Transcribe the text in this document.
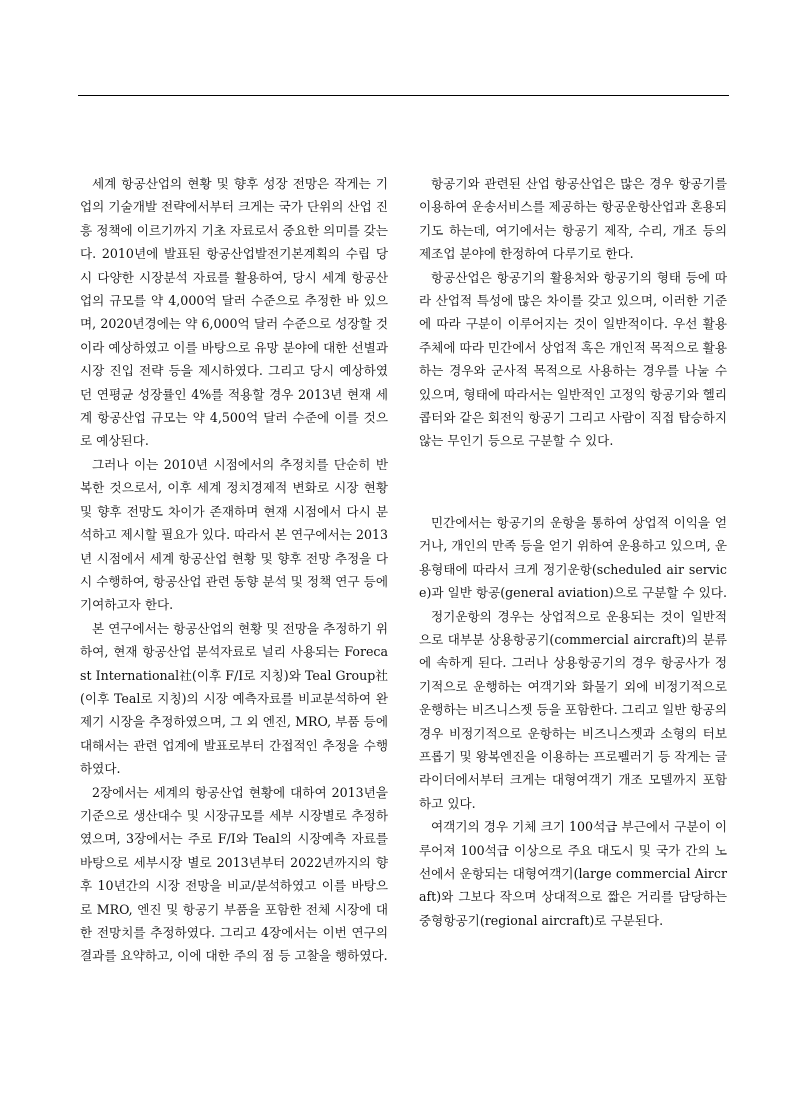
세계 항공산업의 현황 및 향후 성장 전망은 작게는 기업의 기술개발 전략에서부터 크게는 국가 단위의 산업 진흥 정책에 이르기까지 기초 자료로서 중요한 의미를 갖는다. 2010년에 발표된 항공산업발전기본계획의 수립 당시 다양한 시장분석 자료를 활용하여, 당시 세계 항공산업의 규모를 약 4,000억 달러 수준으로 추정한 바 있으며, 2020년경에는 약 6,000억 달러 수준으로 성장할 것이라 예상하였고 이를 바탕으로 유망 분야에 대한 선별과 시장 진입 전략 등을 제시하였다. 그리고 당시 예상하였던 연평균 성장률인 4%를 적용할 경우 2013년 현재 세계 항공산업 규모는 약 4,500억 달러 수준에 이를 것으로 예상된다.

그러나 이는 2010년 시점에서의 추정치를 단순히 반복한 것으로서, 이후 세계 정치경제적 변화로 시장 현황 및 향후 전망도 차이가 존재하며 현재 시점에서 다시 분석하고 제시할 필요가 있다. 따라서 본 연구에서는 2013년 시점에서 세계 항공산업 현황 및 향후 전망 추정을 다시 수행하여, 항공산업 관련 동향 분석 및 정책 연구 등에 기여하고자 한다.

본 연구에서는 항공산업의 현황 및 전망을 추정하기 위하여, 현재 항공산업 분석자료로 널리 사용되는 Forecast International社(이후 F/I로 지칭)와 Teal Group社(이후 Teal로 지칭)의 시장 예측자료를 비교분석하여 완제기 시장을 추정하였으며, 그 외 엔진, MRO, 부품 등에 대해서는 관련 업계에 발표로부터 간접적인 추정을 수행하였다.

2장에서는 세계의 항공산업 현황에 대하여 2013년을 기준으로 생산대수 및 시장규모를 세부 시장별로 추정하였으며, 3장에서는 주로 F/I와 Teal의 시장예측 자료를 바탕으로 세부시장 별로 2013년부터 2022년까지의 향후 10년간의 시장 전망을 비교/분석하였고 이를 바탕으로 MRO, 엔진 및 항공기 부품을 포함한 전체 시장에 대한 전망치를 추정하였다. 그리고 4장에서는 이번 연구의 결과를 요약하고, 이에 대한 주의 점 등 고찰을 행하였다.

항공기와 관련된 산업 항공산업은 많은 경우 항공기를 이용하여 운송서비스를 제공하는 항공운항산업과 혼용되기도 하는데, 여기에서는 항공기 제작, 수리, 개조 등의 제조업 분야에 한정하여 다루기로 한다.

항공산업은 항공기의 활용처와 항공기의 형태 등에 따라 산업적 특성에 많은 차이를 갖고 있으며, 이러한 기준에 따라 구분이 이루어지는 것이 일반적이다. 우선 활용주체에 따라 민간에서 상업적 혹은 개인적 목적으로 활용하는 경우와 군사적 목적으로 사용하는 경우를 나눌 수 있으며, 형태에 따라서는 일반적인 고정익 항공기와 헬리콥터와 같은 회전익 항공기 그리고 사람이 직접 탑승하지 않는 무인기 등으로 구분할 수 있다.

민간에서는 항공기의 운항을 통하여 상업적 이익을 얻거나, 개인의 만족 등을 얻기 위하여 운용하고 있으며, 운용형태에 따라서 크게 정기운항(scheduled air service)과 일반 항공(general aviation)으로 구분할 수 있다.

정기운항의 경우는 상업적으로 운용되는 것이 일반적으로 대부분 상용항공기(commercial aircraft)의 분류에 속하게 된다. 그러나 상용항공기의 경우 항공사가 정기적으로 운행하는 여객기와 화물기 외에 비정기적으로 운행하는 비즈니스젯 등을 포함한다. 그리고 일반 항공의 경우 비정기적으로 운항하는 비즈니스젯과 소형의 터보프롭기 및 왕복엔진을 이용하는 프로펠러기 등 작게는 글라이더에서부터 크게는 대형여객기 개조 모델까지 포함하고 있다.

여객기의 경우 기체 크기 100석급 부근에서 구분이 이루어져 100석급 이상으로 주요 대도시 및 국가 간의 노선에서 운항되는 대형여객기(large commercial Aircraft)와 그보다 작으며 상대적으로 짧은 거리를 담당하는 중형항공기(regional aircraft)로 구분된다.
